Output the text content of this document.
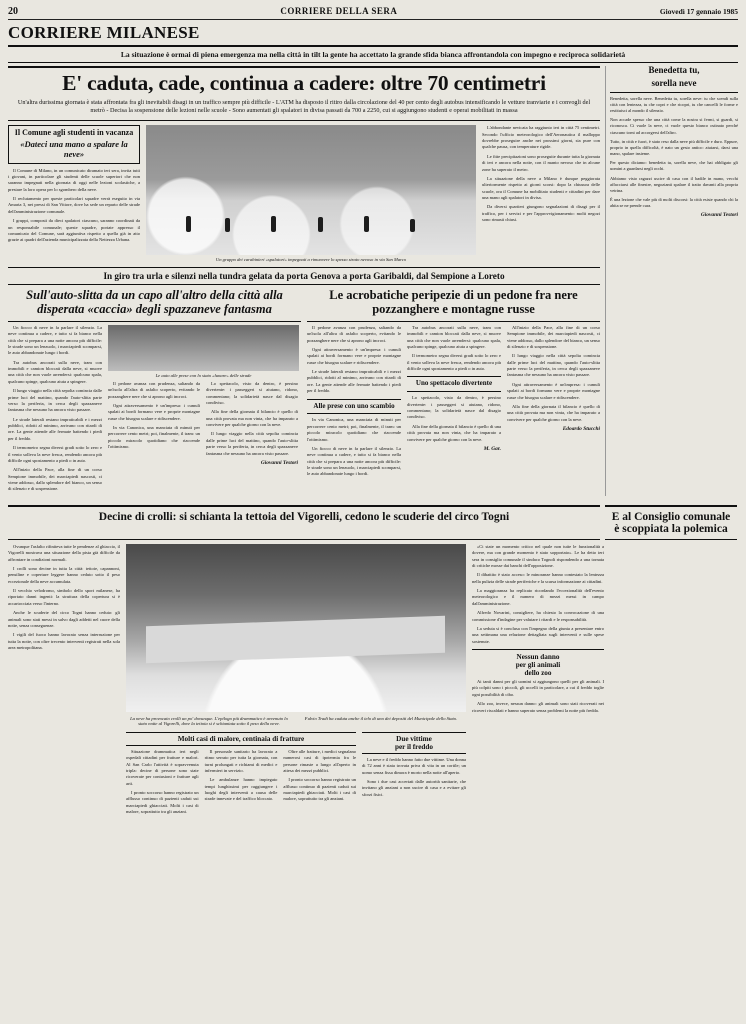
20	CORRIERE DELLA SERA	Giovedì 17 gennaio 1985
CORRIERE MILANESE
La situazione è ormai di piena emergenza ma nella città in tilt la gente ha accettato la grande sfida bianca affrontandola con impegno e reciproca solidarietà
E' caduta, cade, continua a cadere: oltre 70 centimetri
Un'altra durissima giornata è stata affrontata fra gli inevitabili disagi in un traffico sempre più difficile - L'ATM ha disposto il ritiro dalla circolazione del 40 per cento degli autobus intensificando le vetture tranviarie e i convogli del metrò - Decisa la sospensione delle lezioni nelle scuole - Sono aumentati gli spalatori in divisa passati da 700 a 2250, cui si aggiungono studenti e operai mobilitati in massa
Il Comune agli studenti in vacanza
«Dateci una mano a spalare la neve»

Il Comune di Milano, in un comunicato diramato ieri sera, invita tutti i giovani, in particolare gli studenti delle scuole superiori che non saranno impegnati nella giornata di oggi nelle lezioni scolastiche, a prestare la loro opera per lo sgombero della neve.

Il reclutamento per queste particolari squadre verrà eseguito in via Amaria 3, nei pressi di San Vittore, dove ha sede un reparto delle strade dell'amministrazione comunale.

I gruppi, composti da dieci spalatori ciascuno, saranno coordinati da un responsabile comunale; queste squadre, portate appresso il comunicato del Comune, sarà aggiuntiva rispetto a quella già in atto grazie ai quadri dell'azienda municipalizzata della Nettezza Urbana.

Un gruppo dei carabinieri «spalatori» impegnati a rimuovere lo spesso strato nevoso in via San Marco

L'abbondante nevicata ha raggiunto ieri in città 75 centimetri. Secondo l'ufficio meteorologico dell'Aeronautica il malloppo dovrebbe proseguire anche nei prossimi giorni, sia pure con qualche pausa, con temperature rigide.

Le fitte precipitazioni sono proseguite durante tutta la giornata di ieri e ancora nella notte, con il manto nevoso che in alcune zone ha superato il metro.

La situazione della neve a Milano è dunque peggiorata ulteriormente rispetto ai giorni scorsi: dopo la chiusura delle scuole, ora il Comune ha mobilitato studenti e cittadini per dare una mano agli spalatori in divisa.

Da diversi quartieri giungono segnalazioni di disagi per il traffico, per i servizi e per l'approvvigionamento: molti negozi sono rimasti chiusi.

In giro tra urla e silenzi nella tundra gelata da porta Genova a porta Garibaldi, dal Sempione a Loreto
Sull'auto-slitta da un capo all'altro della città alla disperata «caccia» degli spazzaneve fantasma

Un fiocco di neve in fa parlare il silenzio. La neve continua a cadere, e tutto si fa bianco nella città che si prepara a una notte ancora più difficile: le strade sono un lenzuolo, i marciapiedi scomparsi, le auto abbandonate lungo i bordi.

Tra autobus ancorati sulla neve, tram con immobili e camion bloccati dalla neve, si muove una città che non vuole arrendersi: qualcuno spala, qualcuno spinge, qualcuno aiuta a spingere.

Il lungo viaggio nella città sepolta comincia dalle prime luci del mattino, quando l'auto-slitta parte verso la periferia, in cerca degli spazzaneve fantasma che nessuno ha ancora visto passare.

Le strade laterali restano impraticabili e i mezzi pubblici, ridotti al minimo, arrivano con ritardi di ore. La gente attende alle fermate battendo i piedi per il freddo.

Il termometro segna diversi gradi sotto lo zero e il vento solleva la neve fresca, rendendo ancora più difficile ogni spostamento a piedi o in auto.

All'inizio della Pace, alla fine di un corso Sempione immobile, dei marciapiedi nascosti, ci viene addosso, dallo splendore del bianco, un senso di silenzio e di sospensione.

Le auto alle prese con lo stato «lunare» delle strade

Il pedone avanza con prudenza, saltando da un'isola all'altra di asfalto scoperto, evitando le pozzanghere nere che si aprono agli incroci.

Ogni attraversamento è un'impresa: i cumuli spalati ai bordi formano vere e proprie montagne russe che bisogna scalare e ridiscendere.

In via Canonica, una manciata di minuti per percorrere cento metri; poi, finalmente, il tram: un piccolo miracolo quotidiano che riaccende l'ottimismo.

Lo spettacolo, visto da dentro, è persino divertente: i passeggeri si aiutano, ridono, commentano; la solidarietà nasce dal disagio condiviso.

Alla fine della giornata il bilancio è quello di una città provata ma non vinta, che ha imparato a convivere per qualche giorno con la neve.

Il lungo viaggio nella città sepolta comincia dalle prime luci del mattino, quando l'auto-slitta parte verso la periferia, in cerca degli spazzaneve fantasma che nessuno ha ancora visto passare.

Giovanni Testori
Le acrobatiche peripezie di un pedone fra nere pozzanghere e montagne russe

Il pedone avanza con prudenza, saltando da un'isola all'altra di asfalto scoperto, evitando le pozzanghere nere che si aprono agli incroci.

Ogni attraversamento è un'impresa: i cumuli spalati ai bordi formano vere e proprie montagne russe che bisogna scalare e ridiscendere.

Le strade laterali restano impraticabili e i mezzi pubblici, ridotti al minimo, arrivano con ritardi di ore. La gente attende alle fermate battendo i piedi per il freddo.

Alle prese con uno scambio

In via Canonica, una manciata di minuti per percorrere cento metri; poi, finalmente, il tram: un piccolo miracolo quotidiano che riaccende l'ottimismo.

Un fiocco di neve in fa parlare il silenzio. La neve continua a cadere, e tutto si fa bianco nella città che si prepara a una notte ancora più difficile: le strade sono un lenzuolo, i marciapiedi scomparsi, le auto abbandonate lungo i bordi.

Tra autobus ancorati sulla neve, tram con immobili e camion bloccati dalla neve, si muove una città che non vuole arrendersi: qualcuno spala, qualcuno spinge, qualcuno aiuta a spingere.

Il termometro segna diversi gradi sotto lo zero e il vento solleva la neve fresca, rendendo ancora più difficile ogni spostamento a piedi o in auto.

Uno spettacolo divertente

Lo spettacolo, visto da dentro, è persino divertente: i passeggeri si aiutano, ridono, commentano; la solidarietà nasce dal disagio condiviso.

Alla fine della giornata il bilancio è quello di una città provata ma non vinta, che ha imparato a convivere per qualche giorno con la neve.

M. Gar.

All'inizio della Pace, alla fine di un corso Sempione immobile, dei marciapiedi nascosti, ci viene addosso, dallo splendore del bianco, un senso di silenzio e di sospensione.

Il lungo viaggio nella città sepolta comincia dalle prime luci del mattino, quando l'auto-slitta parte verso la periferia, in cerca degli spazzaneve fantasma che nessuno ha ancora visto passare.

Ogni attraversamento è un'impresa: i cumuli spalati ai bordi formano vere e proprie montagne russe che bisogna scalare e ridiscendere.

Alla fine della giornata il bilancio è quello di una città provata ma non vinta, che ha imparato a convivere per qualche giorno con la neve.

Edoardo Stucchi
Benedetta tu,
sorella neve

Benedetta, sorella neve. Benedetta tu, sorella neve: tu che scendi sulla città con lentezza, tu che copri e che ricopri, tu che cancelli le forme e restituisci al mondo il silenzio.

Non accade spesso che una città come la nostra si fermi, si guardi, si riconosca. Ci vuole la neve, ci vuole questo bianco ostinato perché ciascuno torni ad accorgersi dell'altro.

Tutto, in città e fuori, è stato reso dalla neve più difficile e duro. Eppure, proprio in quella difficoltà, è nato un gesto antico: aiutarsi, darsi una mano, spalare insieme.

Per questo diciamo: benedetta tu, sorella neve, che hai obbligato gli uomini a guardarsi negli occhi.

Abbiamo visto ragazzi uscire di casa con il badile in mano, vecchi affacciarsi alle finestre, negozianti spalare il tratto davanti alla propria vetrina.

È una lezione che vale più di molti discorsi: la città esiste quando chi la abita se ne prende cura.

Giovanni Testori
Decine di crolli: si schianta la tettoia del Vigorelli, cedono le scuderie del circo Togni	E al Consiglio comunale
è scoppiata la polemica

Ovunque l'asfalto rifiniteva tutte le pendenze al ghiaccio, il Vigorelli mostrava una situazione della pista già difficile da affrontare in condizioni normali.

I crolli sono decine in tutta la città: tettoie, capannoni, pensiline e coperture leggere hanno ceduto sotto il peso eccezionale della neve accumulata.

Il vecchio velodromo, simbolo dello sport milanese, ha riportato danni ingenti: la struttura della copertura si è accartocciata verso l'interno.

Anche le scuderie del circo Togni hanno ceduto: gli animali sono stati messi in salvo dagli addetti nel cuore della notte, senza conseguenze.

I vigili del fuoco hanno lavorato senza interruzione per tutta la notte, con oltre trecento interventi registrati nella sola area metropolitana.

La neve ha provocato crolli un po' dovunque. L'epilogo più drammatico è avvenuto lo stato notte al Vigorelli, dove la tettoia si è schiantata sotto il peso della neve.
Fulvio Tradi ha caduta anche il telo di uno dei depositi del Municipale dello Stato.
Molti casi di malore, centinaia di fratture

Situazione drammatica ieri negli ospedali cittadini per fratture e malori. Al San Carlo l'attività è sopravvenuta tripla: decine di persone sono state ricoverate per contusioni e fratture agli arti.

I pronto soccorso hanno registrato un afflusso continuo di pazienti caduti sui marciapiedi ghiacciati. Molti i casi di malore, soprattutto tra gli anziani.

Il personale sanitario ha lavorato a ritmo serrato per tutta la giornata, con turni prolungati e richiami di medici e infermieri in servizio.

Le ambulanze hanno impiegato tempi lunghissimi per raggiungere i luoghi degli interventi a causa delle strade innevate e del traffico bloccato.

Oltre alle fratture, i medici segnalano numerosi casi di ipotermia fra le persone rimaste a lungo all'aperto in attesa dei mezzi pubblici.

I pronto soccorso hanno registrato un afflusso continuo di pazienti caduti sui marciapiedi ghiacciati. Molti i casi di malore, soprattutto tra gli anziani.

Due vittime
per il freddo

La neve e il freddo hanno fatto due vittime. Una donna di 72 anni è stata trovata priva di vita in un cortile; un uomo senza fissa dimora è morto nella notte all'aperto.

Sono i due casi accertati dalle autorità sanitarie, che invitano gli anziani a non uscire di casa e a evitare gli sforzi fisici.

«Ci state un momento critico nel quale non tutte le funzionalità a dovere, ma con grande momento è stato sopportato». Le ha detto ieri sera in consiglio comunale il sindaco Tognoli rispondendo a una tornata di critiche mosse dai banchi dell'opposizione.

Il dibattito è stato acceso: le minoranze hanno contestato la lentezza nella pulizia delle strade periferiche e la scarsa informazione ai cittadini.

La maggioranza ha replicato ricordando l'eccezionalità dell'evento meteorologico e il numero di mezzi messi in campo dall'amministrazione.

Alfredo Novarini, consigliere, ha chiesto la convocazione di una commissione d'indagine per valutare i ritardi e le responsabilità.

La seduta si è conclusa con l'impegno della giunta a presentare entro una settimana una relazione dettagliata sugli interventi e sulle spese sostenute.

Nessun danno
per gli animali
dello zoo

Ai tanti danni per gli uomini si aggiungono quelli per gli animali. I più colpiti sono i piccoli, gli uccelli in particolare, a cui il freddo toglie ogni possibilità di cibo.

Allo zoo, invece, nessun danno: gli animali sono stati ricoverati nei ricoveri riscaldati e hanno superato senza problemi la notte più fredda.
